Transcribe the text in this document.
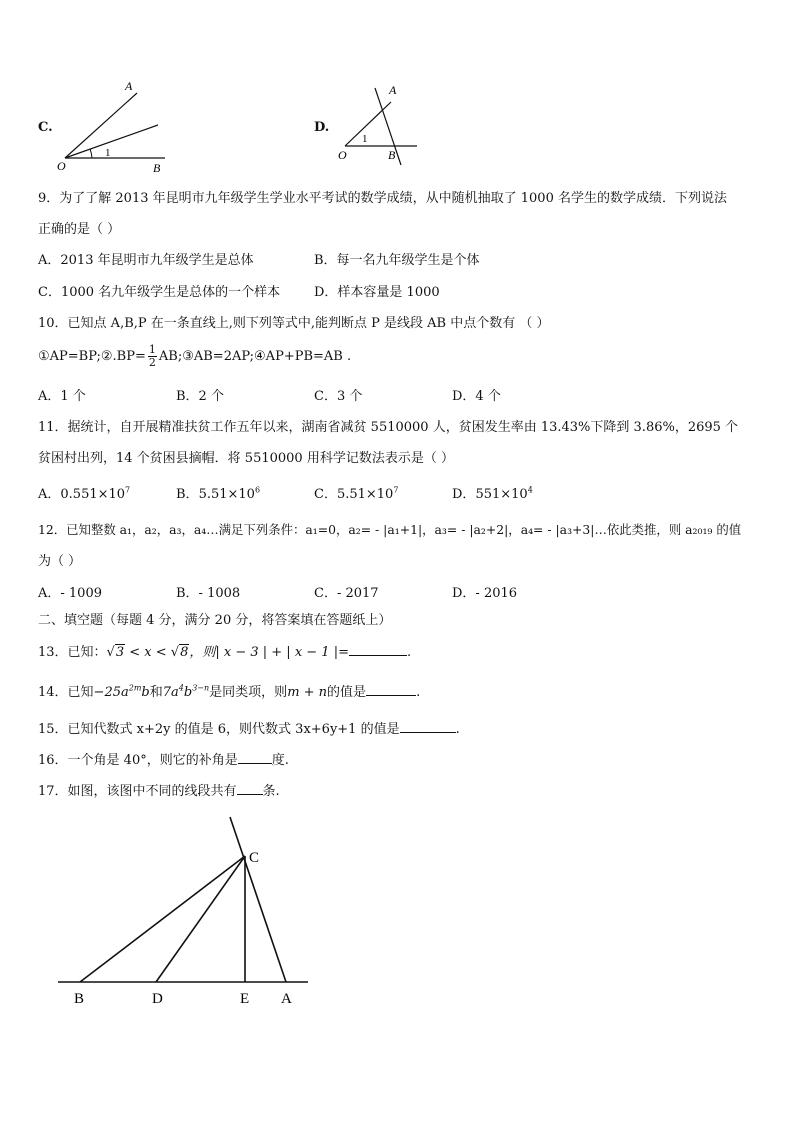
C.
A
O	B
1
D.
A
O	B
1
9．为了了解 2013 年昆明市九年级学生学业水平考试的数学成绩，从中随机抽取了 1000 名学生的数学成绩．下列说法
正确的是（ ）
A．2013 年昆明市九年级学生是总体	B．每一名九年级学生是个体
C．1000 名九年级学生是总体的一个样本	D．样本容量是 1000
10．已知点 A,B,P 在一条直线上,则下列等式中,能判断点 P 是线段 AB 中点个数有 （ ）
①AP=BP;②.BP= $\frac{1}{2}$ AB;③AB=2AP;④AP+PB=AB .
A．1 个	B．2 个	C．3 个	D．4 个
11．据统计，自开展精准扶贫工作五年以来，湖南省减贫 5510000 人，贫困发生率由 13.43%下降到 3.86%，2695 个
贫困村出列，14 个贫困县摘帽．将 5510000 用科学记数法表示是（ ）
A．$0.551\times 10^7$	B．$5.51\times 10^6$	C．$5.51\times 10^7$	D．$551\times 10^4$
12．已知整数 a₁，a₂，a₃，a₄…满足下列条件：a₁=0，a₂= - |a₁+1|，a₃= - |a₂+2|，a₄= - |a₃+3|…依此类推，则 a₂₀₁₉ 的值
为（ ）
A．- 1009	B．- 1008	C．- 2017	D．- 2016
二、填空题（每题 4 分，满分 20 分，将答案填在答题纸上）
13．已知：√3 < x < √8，则| x − 3 | + | x − 1 |=	.
14．已知$-25a^{2m}b$和$7a^4b^{3-n}$是同类项，则m + n的值是	.
15．已知代数式 x+2y 的值是 6，则代数式 3x+6y+1 的值是	.
16．一个角是 40°，则它的补角是	度.
17．如图，该图中不同的线段共有 条.
C
B	D	E A
